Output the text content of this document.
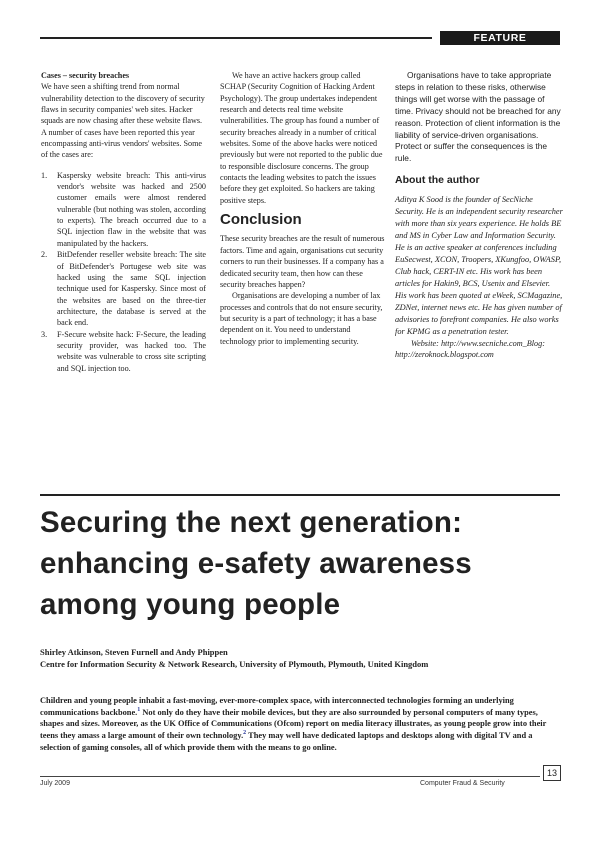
FEATURE

Cases – security breaches

We have seen a shifting trend from normal vulnerability detection to the discovery of security flaws in security companies' web sites. Hacker squads are now chasing after these website flaws. A number of cases have been reported this year encompassing anti-virus vendors' websites. Some of the cases are:

1. Kaspersky website breach: This anti-virus vendor's website was hacked and 2500 customer emails were almost rendered vulnerable (but nothing was stolen, according to experts). The breach occurred due to a SQL injection flaw in the website that was manipulated by the hackers.
2. BitDefender reseller website breach: The site of BitDefender's Portugese web site was hacked using the same SQL injection technique used for Kaspersky. Since most of the websites are based on the three-tier architecture, the database is served at the back end.
3. F-Secure website hack: F-Secure, the leading security provider, was hacked too. The website was vulnerable to cross site scripting and SQL injection too.

We have an active hackers group called SCHAP (Security Cognition of Hacking Ardent Psychology). The group undertakes independent research and detects real time website vulnerabilities. The group has found a number of security breaches already in a number of critical websites. Some of the above hacks were noticed previously but were not reported to the public due to responsible disclosure concerns. The group contacts the leading websites to patch the issues before they get exploited. So hackers are taking positive steps.

Conclusion

These security breaches are the result of numerous factors. Time and again, organisations cut security corners to run their businesses. If a company has a dedicated security team, then how can these security breaches happen?

Organisations are developing a number of lax processes and controls that do not ensure security, but security is a part of technology; it has a base dependent on it. You need to understand technology prior to implementing security.

Organisations have to take appropriate steps in relation to these risks, otherwise things will get worse with the passage of time. Privacy should not be breached for any reason. Protection of client information is the liability of service-driven organisations. Protect or suffer the consequences is the rule.

About the author

Aditya K Sood is the founder of SecNiche Security. He is an independent security researcher with more than six years experience. He holds BE and MS in Cyber Law and Information Security. He is an active speaker at conferences including EuSecwest, XCON, Troopers, XKungfoo, OWASP, Club hack, CERT-IN etc. His work has been articles for Hakin9, BCS, Usenix and Elsevier. His work has been quoted at eWeek, SCMagazine, ZDNet, internet news etc. He has given number of advisories to forefront companies. He also works for KPMG as a penetration tester.

Website: http://www.secniche.com_Blog: http://zeroknock.blogspot.com

Securing the next generation: enhancing e-safety awareness among young people
Shirley Atkinson, Steven Furnell and Andy Phippen
Centre for Information Security & Network Research, University of Plymouth, Plymouth, United Kingdom

Children and young people inhabit a fast-moving, ever-more-complex space, with interconnected technologies forming an underlying communications backbone.$^1$ Not only do they have their mobile devices, but they are also surrounded by personal computers of many types, shapes and sizes. Moreover, as the UK Office of Communications (Ofcom) report on media literacy illustrates, as young people grow into their teens they amass a large amount of their own technology.$^2$ They may well have dedicated laptops and desktops along with digital TV and a selection of gaming consoles, all of which provide them with the means to go online.

July 2009	Computer Fraud & Security
13
